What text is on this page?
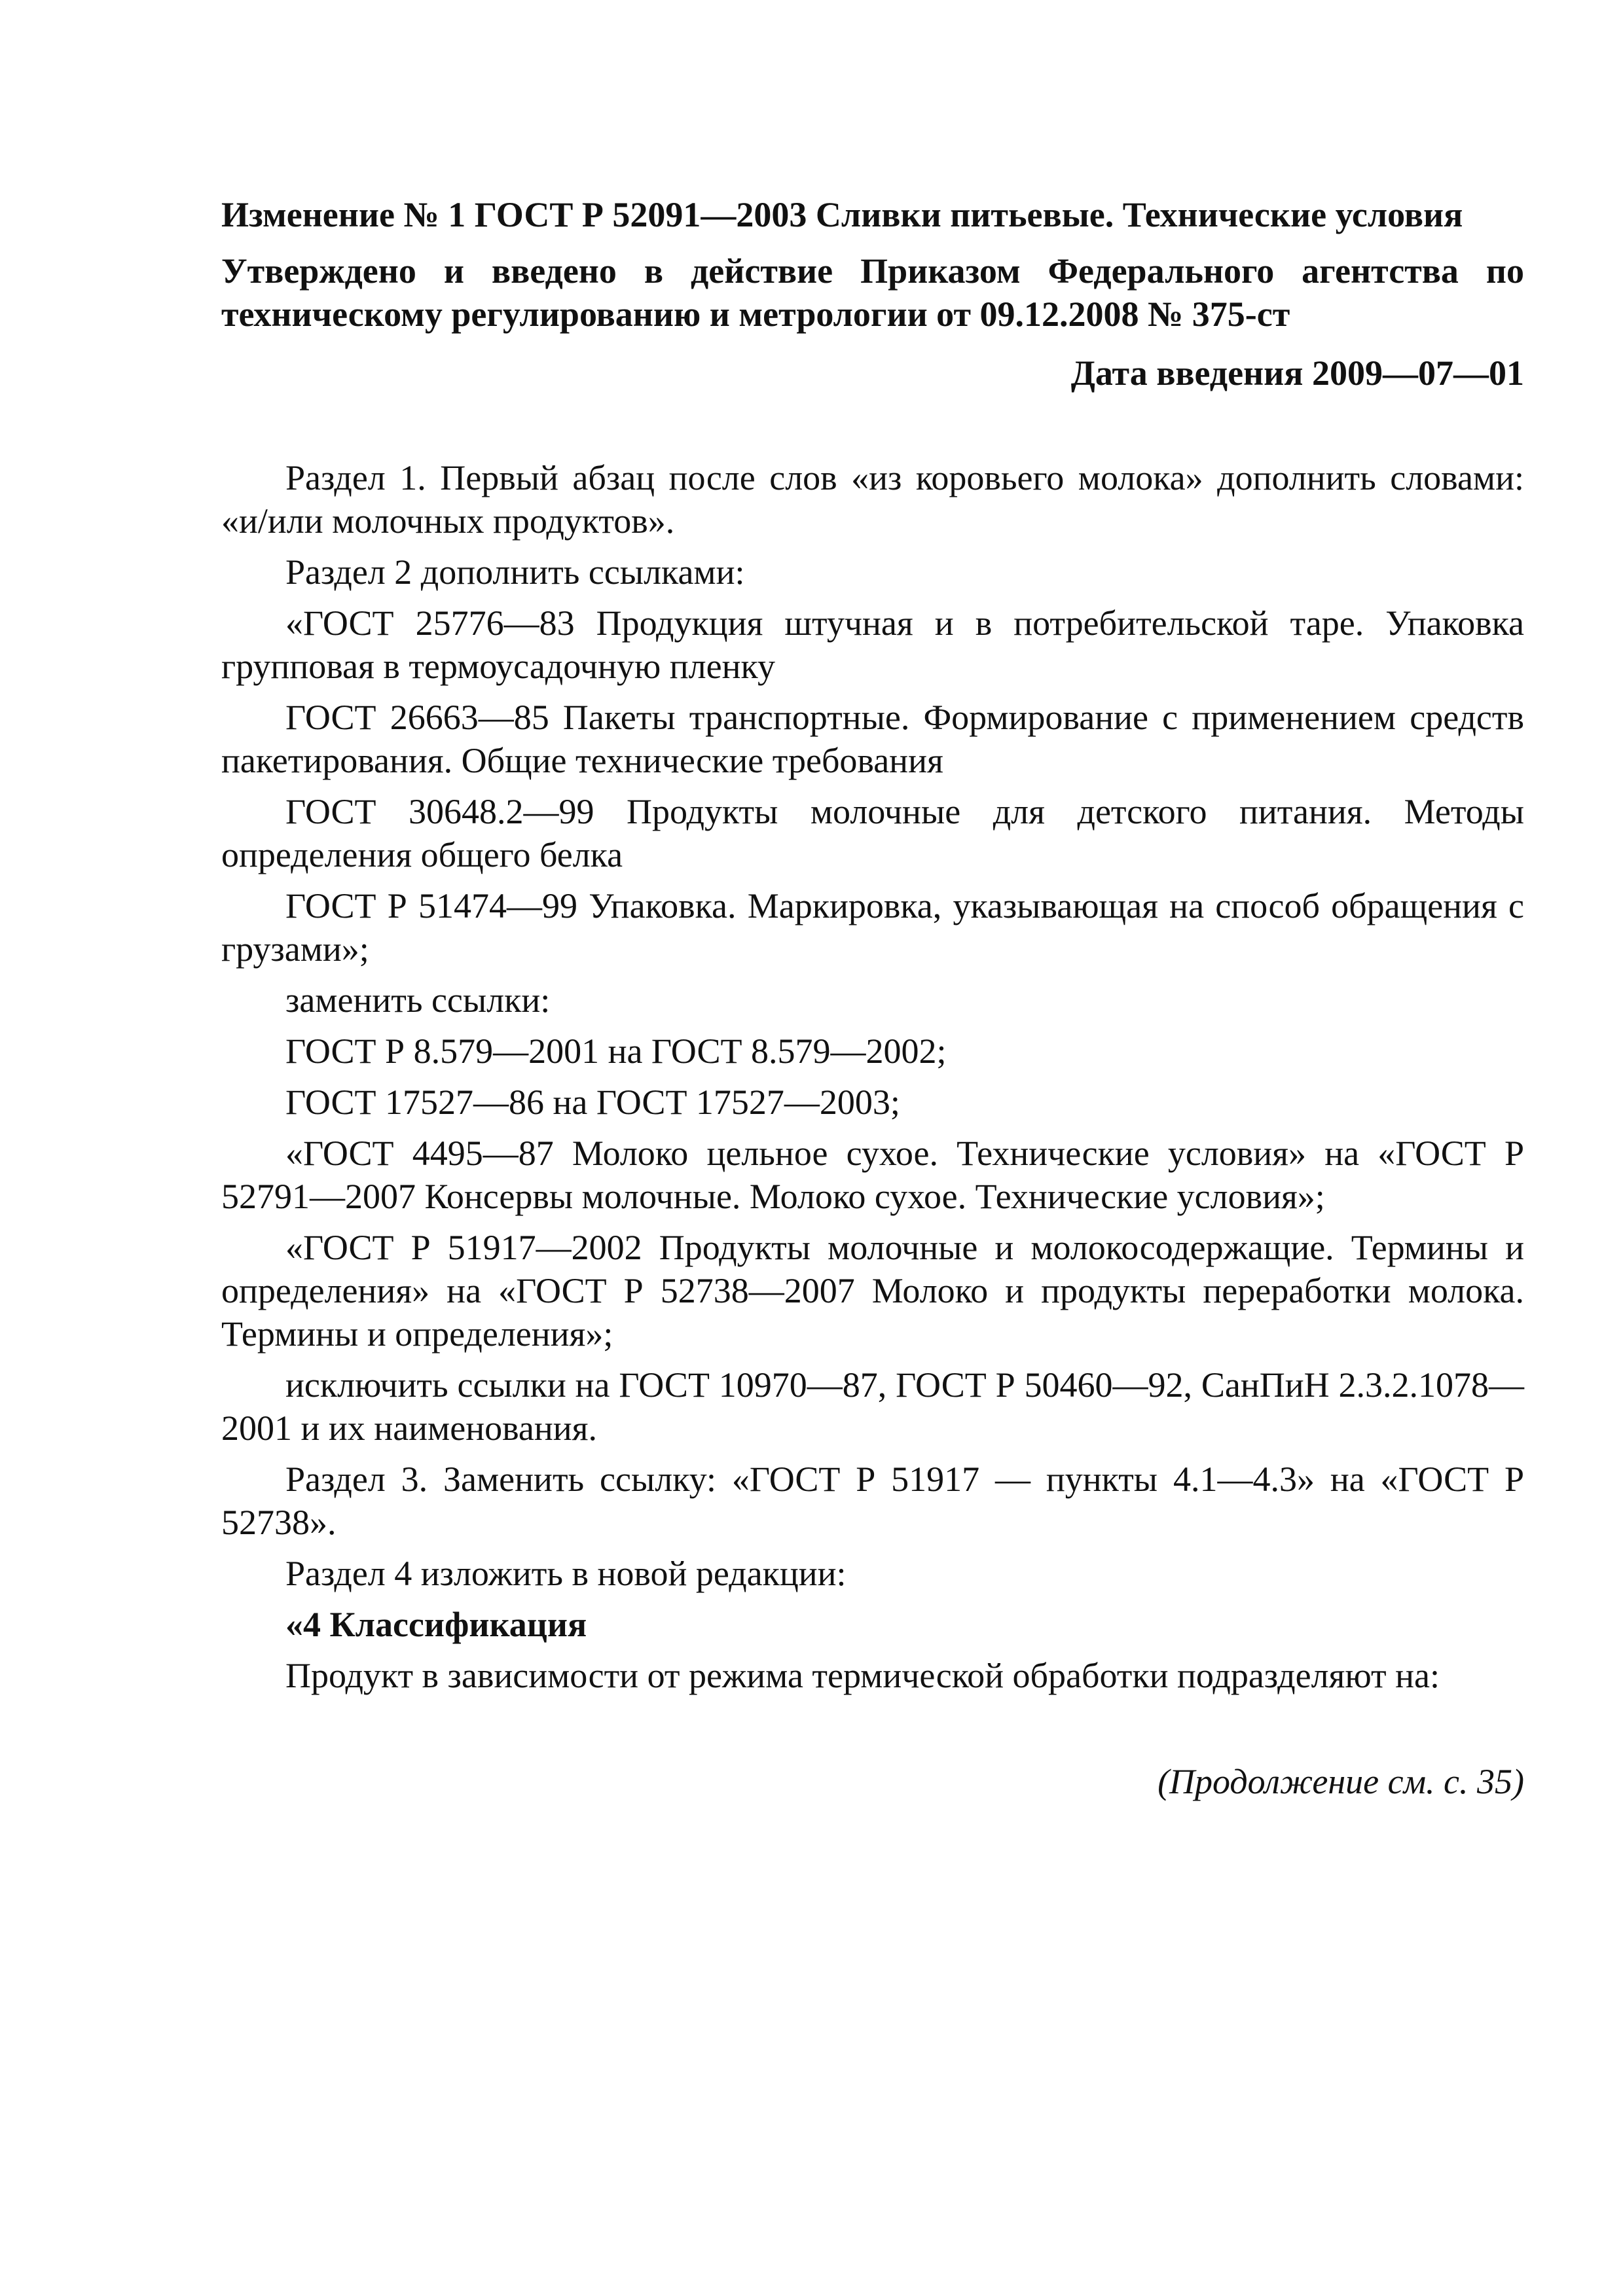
Изменение № 1 ГОСТ Р 52091—2003 Сливки питьевые. Технические условия

Утверждено и введено в действие Приказом Федерального агентства по техническому регулированию и метрологии от 09.12.2008 № 375-ст

Дата введения 2009—07—01

Раздел 1. Первый абзац после слов «из коровьего молока» дополнить словами: «и/или молочных продуктов».

Раздел 2 дополнить ссылками:

«ГОСТ 25776—83 Продукция штучная и в потребительской таре. Упаковка групповая в термоусадочную пленку

ГОСТ 26663—85 Пакеты транспортные. Формирование с применением средств пакетирования. Общие технические требования

ГОСТ 30648.2—99 Продукты молочные для детского питания. Методы определения общего белка

ГОСТ Р 51474—99 Упаковка. Маркировка, указывающая на способ обращения с грузами»;

заменить ссылки:

ГОСТ Р 8.579—2001 на ГОСТ 8.579—2002;

ГОСТ 17527—86 на ГОСТ 17527—2003;

«ГОСТ 4495—87 Молоко цельное сухое. Технические условия» на «ГОСТ Р 52791—2007 Консервы молочные. Молоко сухое. Технические условия»;

«ГОСТ Р 51917—2002 Продукты молочные и молокосодержащие. Термины и определения» на «ГОСТ Р 52738—2007 Молоко и продукты переработки молока. Термины и определения»;

исключить ссылки на ГОСТ 10970—87, ГОСТ Р 50460—92, СанПиН 2.3.2.1078—2001 и их наименования.

Раздел 3. Заменить ссылку: «ГОСТ Р 51917 — пункты 4.1—4.3» на «ГОСТ Р 52738».

Раздел 4 изложить в новой редакции:

«4 Классификация

Продукт в зависимости от режима термической обработки подразделяют на:

(Продолжение см. с. 35)
